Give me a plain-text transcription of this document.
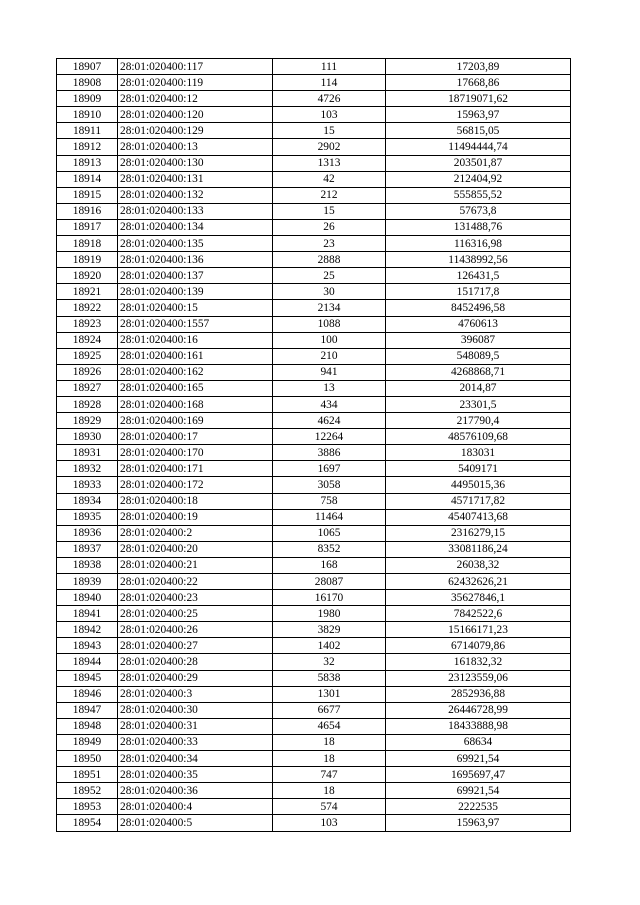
18907	28:01:020400:117	111	17203,89
18908	28:01:020400:119	114	17668,86
18909	28:01:020400:12	4726	18719071,62
18910	28:01:020400:120	103	15963,97
18911	28:01:020400:129	15	56815,05
18912	28:01:020400:13	2902	11494444,74
18913	28:01:020400:130	1313	203501,87
18914	28:01:020400:131	42	212404,92
18915	28:01:020400:132	212	555855,52
18916	28:01:020400:133	15	57673,8
18917	28:01:020400:134	26	131488,76
18918	28:01:020400:135	23	116316,98
18919	28:01:020400:136	2888	11438992,56
18920	28:01:020400:137	25	126431,5
18921	28:01:020400:139	30	151717,8
18922	28:01:020400:15	2134	8452496,58
18923	28:01:020400:1557	1088	4760613
18924	28:01:020400:16	100	396087
18925	28:01:020400:161	210	548089,5
18926	28:01:020400:162	941	4268868,71
18927	28:01:020400:165	13	2014,87
18928	28:01:020400:168	434	23301,5
18929	28:01:020400:169	4624	217790,4
18930	28:01:020400:17	12264	48576109,68
18931	28:01:020400:170	3886	183031
18932	28:01:020400:171	1697	5409171
18933	28:01:020400:172	3058	4495015,36
18934	28:01:020400:18	758	4571717,82
18935	28:01:020400:19	11464	45407413,68
18936	28:01:020400:2	1065	2316279,15
18937	28:01:020400:20	8352	33081186,24
18938	28:01:020400:21	168	26038,32
18939	28:01:020400:22	28087	62432626,21
18940	28:01:020400:23	16170	35627846,1
18941	28:01:020400:25	1980	7842522,6
18942	28:01:020400:26	3829	15166171,23
18943	28:01:020400:27	1402	6714079,86
18944	28:01:020400:28	32	161832,32
18945	28:01:020400:29	5838	23123559,06
18946	28:01:020400:3	1301	2852936,88
18947	28:01:020400:30	6677	26446728,99
18948	28:01:020400:31	4654	18433888,98
18949	28:01:020400:33	18	68634
18950	28:01:020400:34	18	69921,54
18951	28:01:020400:35	747	1695697,47
18952	28:01:020400:36	18	69921,54
18953	28:01:020400:4	574	2222535
18954	28:01:020400:5	103	15963,97
